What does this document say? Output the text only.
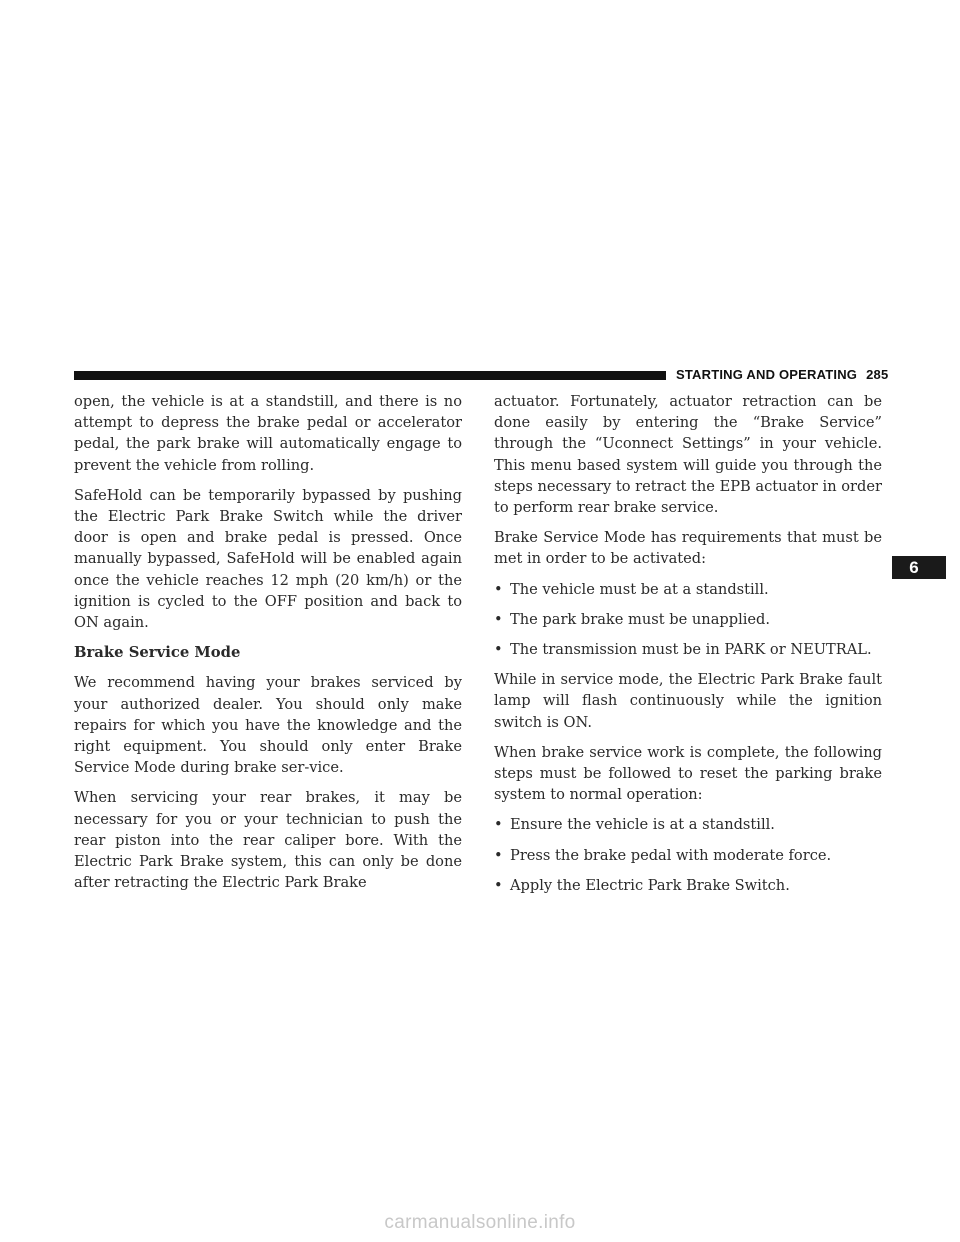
STARTING AND OPERATING 285

open, the vehicle is at a standstill, and there is no attempt to depress the brake pedal or accelerator pedal, the park brake will automatically engage to prevent the vehicle from rolling.

SafeHold can be temporarily bypassed by pushing the Electric Park Brake Switch while the driver door is open and brake pedal is pressed. Once manually bypassed, SafeHold will be enabled again once the vehicle reaches 12 mph (20 km/h) or the ignition is cycled to the OFF position and back to ON again.

Brake Service Mode

We recommend having your brakes serviced by your authorized dealer. You should only make repairs for which you have the knowledge and the right equipment. You should only enter Brake Service Mode during brake ser-vice.

When servicing your rear brakes, it may be necessary for you or your technician to push the rear piston into the rear caliper bore. With the Electric Park Brake system, this can only be done after retracting the Electric Park Brake

actuator. Fortunately, actuator retraction can be done easily by entering the “Brake Service” through the “Uconnect Settings” in your vehicle. This menu based system will guide you through the steps necessary to retract the EPB actuator in order to perform rear brake service.

Brake Service Mode has requirements that must be met in order to be activated:

• The vehicle must be at a standstill.
• The park brake must be unapplied.
• The transmission must be in PARK or NEUTRAL.

While in service mode, the Electric Park Brake fault lamp will flash continuously while the ignition switch is ON.

When brake service work is complete, the following steps must be followed to reset the parking brake system to normal operation:

• Ensure the vehicle is at a standstill.
• Press the brake pedal with moderate force.
• Apply the Electric Park Brake Switch.
6
carmanualsonline.info
